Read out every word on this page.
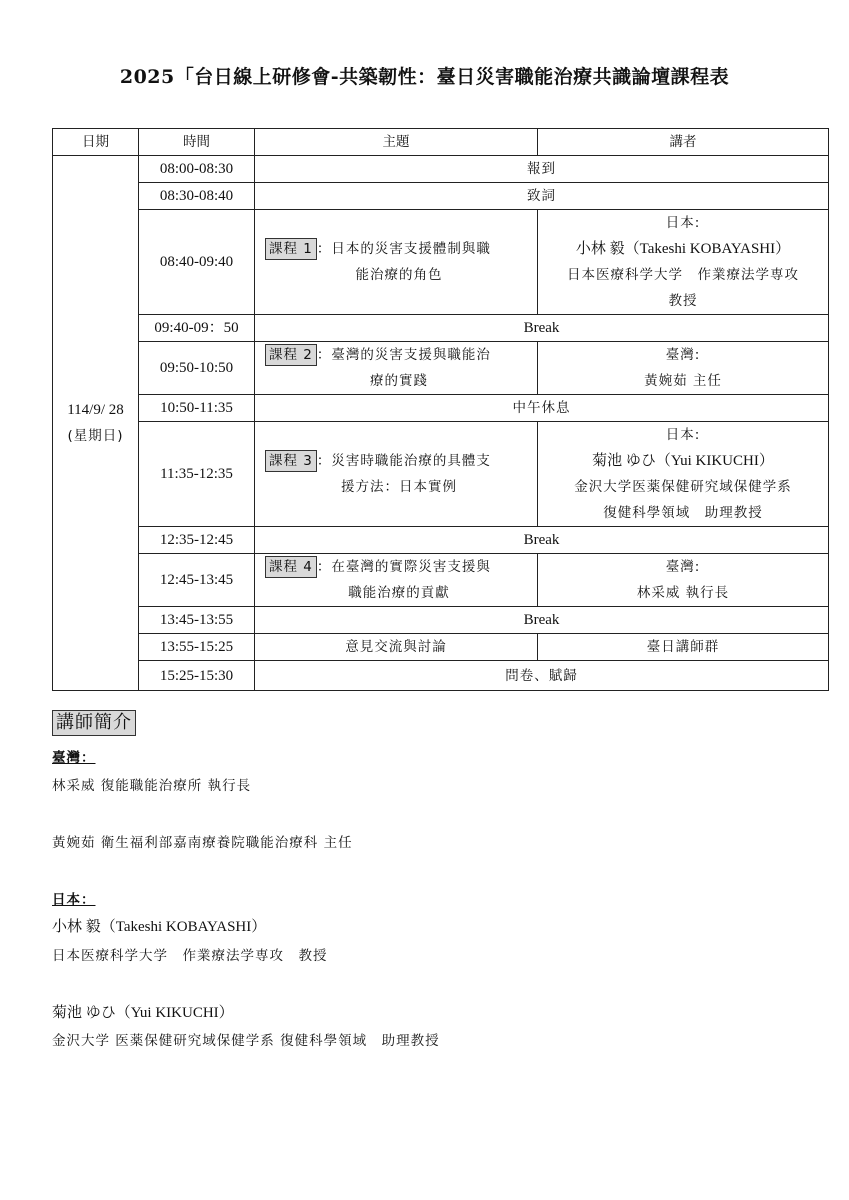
2025「台日線上研修會-共築韌性：臺日災害職能治療共識論壇課程表
日期	時間	主題	講者
114/9/ 28
(星期日)	08:00-08:30	報到	
	08:30-08:40	致詞	
	08:40-09:40	課程 1 ：日本的災害支援體制與職
能治療的角色	日本:
小林 毅（Takeshi KOBAYASHI）
日本医療科学大学　作業療法学専攻
教授

	09:40-09：50	Break	
	09:50-10:50	課程 2 ：臺灣的災害支援與職能治
療的實踐	臺灣:
黃婉茹 主任

	10:50-11:35	中午休息	
	11:35-12:35	課程 3 ：災害時職能治療的具體支
援方法：日本實例	日本:
菊池 ゆひ（Yui KIKUCHI）
金沢大学医薬保健研究域保健学系
復健科學領域　助理教授

	12:35-12:45	Break	
	12:45-13:45	課程 4 ：在臺灣的實際災害支援與
職能治療的貢獻	臺灣:
林采威 執行長

	13:45-13:55	Break	
	13:55-15:25	意見交流與討論	臺日講師群
	15:25-15:30	問卷、賦歸	
講師簡介
臺灣：
林采威 復能職能治療所 執行長
黃婉茹 衛生福利部嘉南療養院職能治療科 主任
日本：
小林 毅（Takeshi KOBAYASHI）
日本医療科学大学　作業療法学専攻　教授
菊池 ゆひ（Yui KIKUCHI）
金沢大学 医薬保健研究域保健学系 復健科學領域　助理教授
